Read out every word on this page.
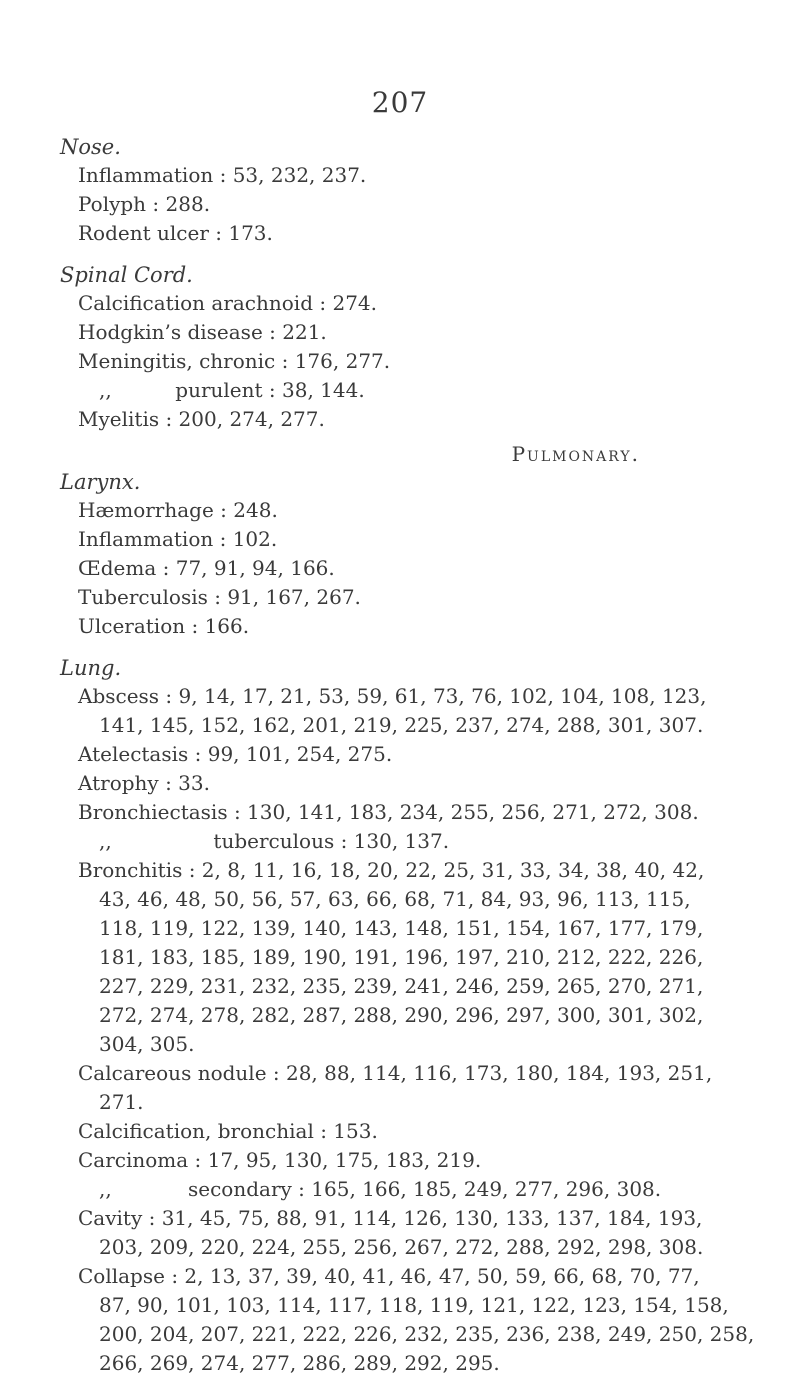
207
Nose.
Inflammation : 53, 232, 237.
Polyph : 288.
Rodent ulcer : 173.
Spinal Cord.
Calcification arachnoid : 274.
Hodgkin’s disease : 221.
Meningitis, chronic : 176, 277.
,,          purulent : 38, 144.
Myelitis : 200, 274, 277.
Pulmonary.
Larynx.
Hæmorrhage : 248.
Inflammation : 102.
Œdema : 77, 91, 94, 166.
Tuberculosis : 91, 167, 267.
Ulceration : 166.
Lung.
Abscess : 9, 14, 17, 21, 53, 59, 61, 73, 76, 102, 104, 108, 123,
141, 145, 152, 162, 201, 219, 225, 237, 274, 288, 301, 307.
Atelectasis : 99, 101, 254, 275.
Atrophy : 33.
Bronchiectasis : 130, 141, 183, 234, 255, 256, 271, 272, 308.
,,                tuberculous : 130, 137.
Bronchitis : 2, 8, 11, 16, 18, 20, 22, 25, 31, 33, 34, 38, 40, 42,
43, 46, 48, 50, 56, 57, 63, 66, 68, 71, 84, 93, 96, 113, 115,
118, 119, 122, 139, 140, 143, 148, 151, 154, 167, 177, 179,
181, 183, 185, 189, 190, 191, 196, 197, 210, 212, 222, 226,
227, 229, 231, 232, 235, 239, 241, 246, 259, 265, 270, 271,
272, 274, 278, 282, 287, 288, 290, 296, 297, 300, 301, 302,
304, 305.
Calcareous nodule : 28, 88, 114, 116, 173, 180, 184, 193, 251,
271.
Calcification, bronchial : 153.
Carcinoma : 17, 95, 130, 175, 183, 219.
,,            secondary : 165, 166, 185, 249, 277, 296, 308.
Cavity : 31, 45, 75, 88, 91, 114, 126, 130, 133, 137, 184, 193,
203, 209, 220, 224, 255, 256, 267, 272, 288, 292, 298, 308.
Collapse : 2, 13, 37, 39, 40, 41, 46, 47, 50, 59, 66, 68, 70, 77,
87, 90, 101, 103, 114, 117, 118, 119, 121, 122, 123, 154, 158,
200, 204, 207, 221, 222, 226, 232, 235, 236, 238, 249, 250, 258,
266, 269, 274, 277, 286, 289, 292, 295.
